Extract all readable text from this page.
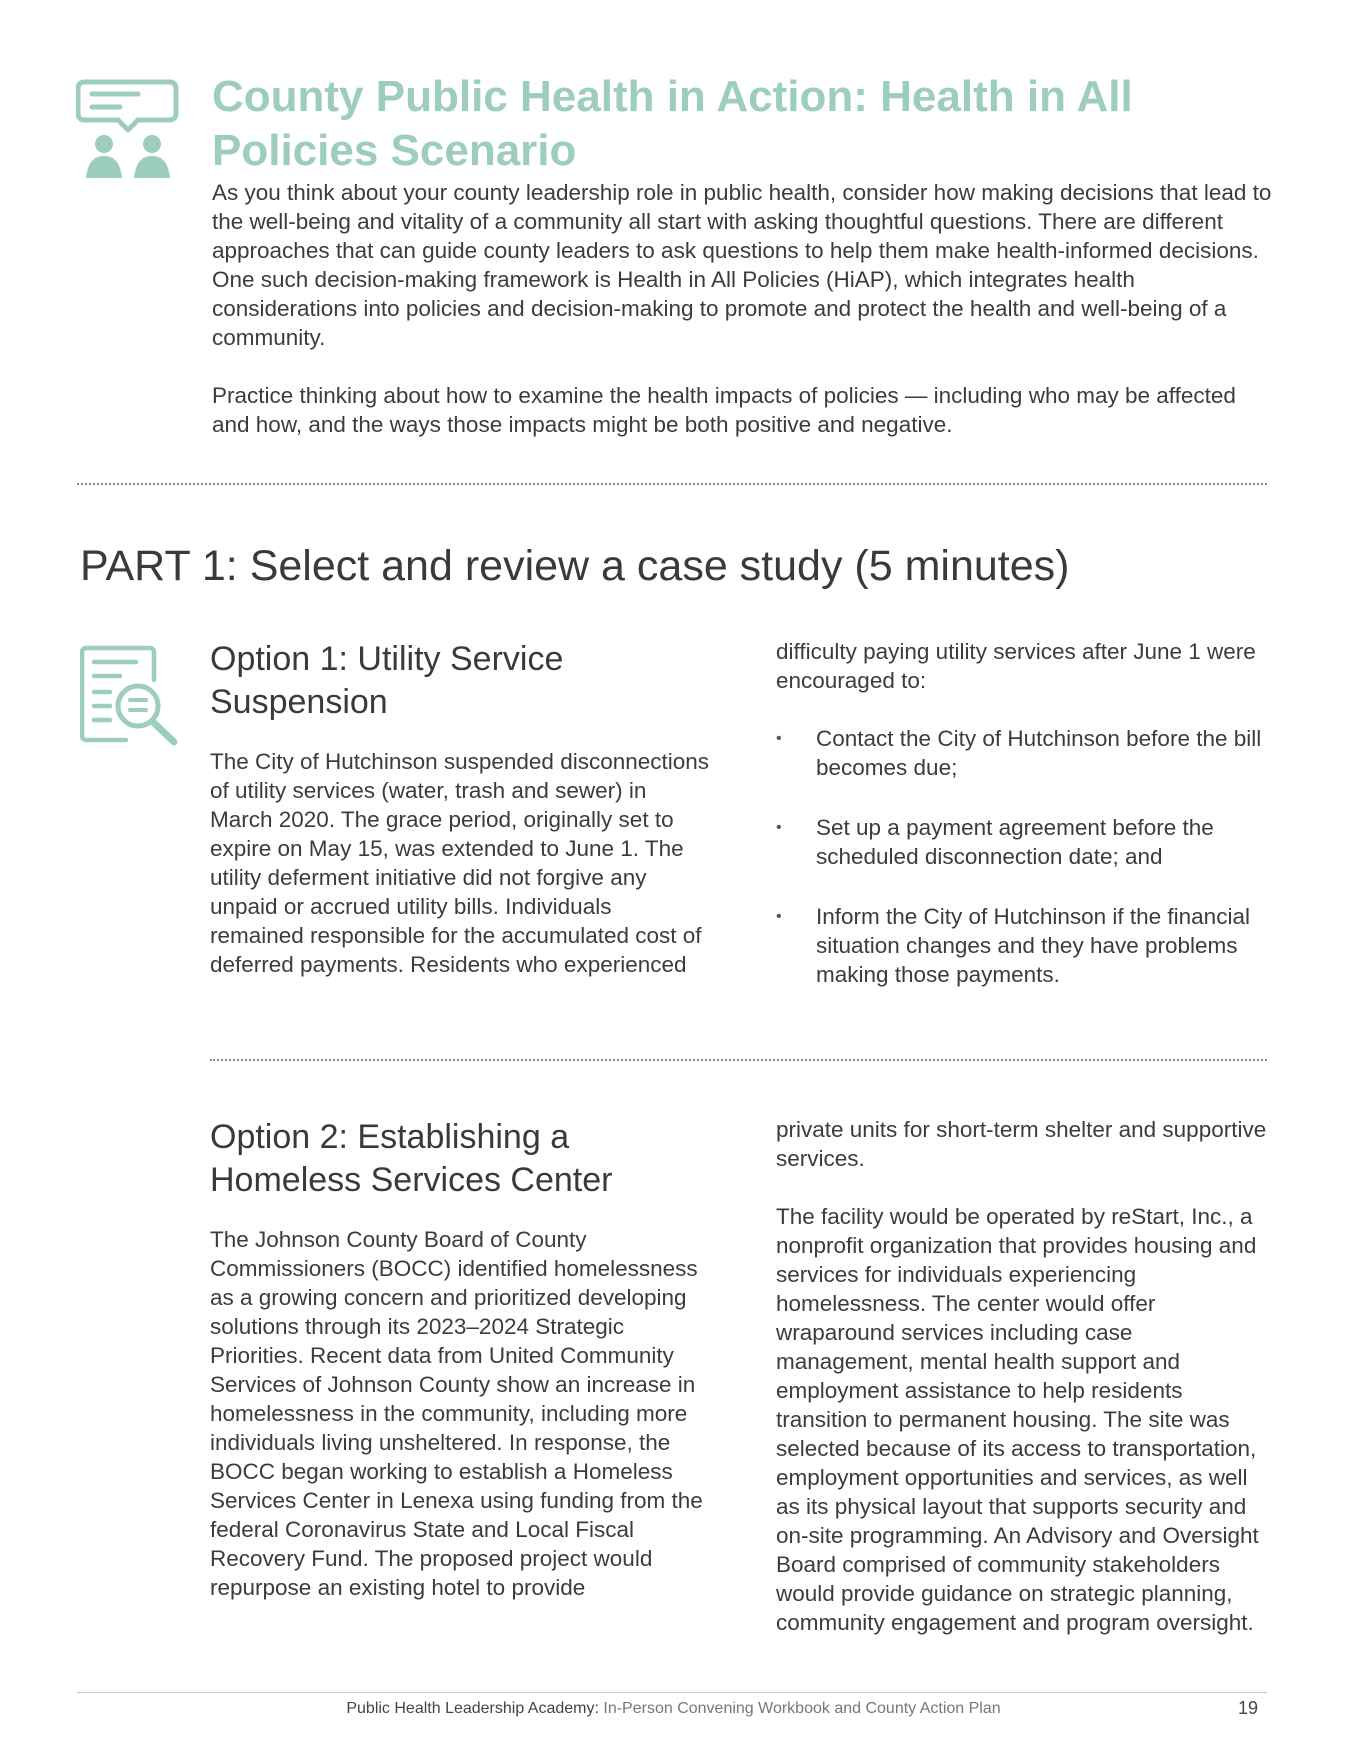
County Public Health in Action: Health in All Policies Scenario

As you think about your county leadership role in public health, consider how making decisions that lead to the well-being and vitality of a community all start with asking thoughtful questions. There are different approaches that can guide county leaders to ask questions to help them make health-informed decisions. One such decision-making framework is Health in All Policies (HiAP), which integrates health considerations into policies and decision-making to promote and protect the health and well-being of a community.

Practice thinking about how to examine the health impacts of policies — including who may be affected and how, and the ways those impacts might be both positive and negative.

PART 1: Select and review a case study (5 minutes)
Option 1: Utility Service Suspension
The City of Hutchinson suspended disconnections of utility services (water, trash and sewer) in March 2020. The grace period, originally set to expire on May 15, was extended to June 1. The utility deferment initiative did not forgive any unpaid or accrued utility bills. Individuals remained responsible for the accumulated cost of deferred payments. Residents who experienced

difficulty paying utility services after June 1 were encouraged to:

• Contact the City of Hutchinson before the bill becomes due;
• Set up a payment agreement before the scheduled disconnection date; and
• Inform the City of Hutchinson if the financial situation changes and they have problems making those payments.
Option 2: Establishing a Homeless Services Center
The Johnson County Board of County Commissioners (BOCC) identified homelessness as a growing concern and prioritized developing solutions through its 2023–2024 Strategic Priorities. Recent data from United Community Services of Johnson County show an increase in homelessness in the community, including more individuals living unsheltered. In response, the BOCC began working to establish a Homeless Services Center in Lenexa using funding from the federal Coronavirus State and Local Fiscal Recovery Fund. The proposed project would repurpose an existing hotel to provide

private units for short-term shelter and supportive services.

The facility would be operated by reStart, Inc., a nonprofit organization that provides housing and services for individuals experiencing homelessness. The center would offer wraparound services including case management, mental health support and employment assistance to help residents transition to permanent housing. The site was selected because of its access to transportation, employment opportunities and services, as well as its physical layout that supports security and on-site programming. An Advisory and Oversight Board comprised of community stakeholders would provide guidance on strategic planning, community engagement and program oversight.

Public Health Leadership Academy: In-Person Convening Workbook and County Action Plan	19
